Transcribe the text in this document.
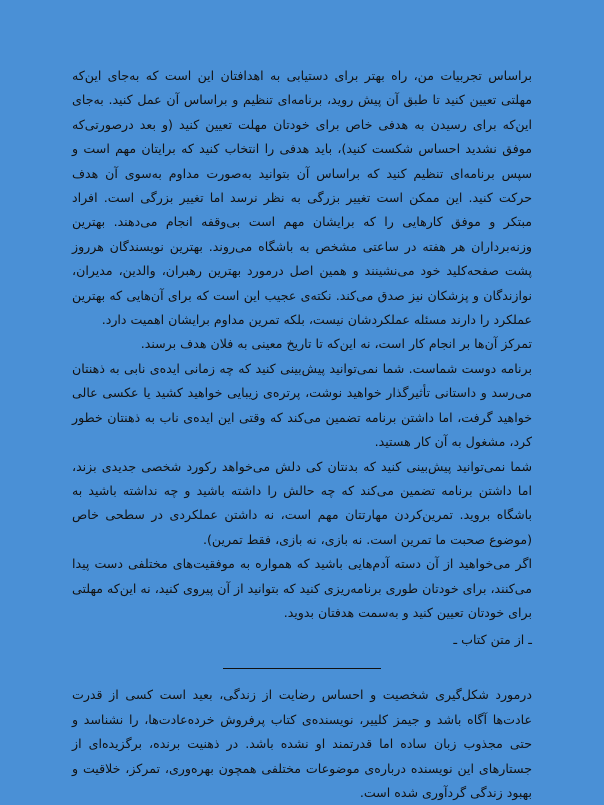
براساس تجربیات من، راه بهتر برای دستیابی به اهدافتان این است که به‌جای این‌که مهلتی تعیین کنید تا طبق آن پیش روید، برنامه‌ای تنظیم و براساس آن عمل کنید. به‌جای این‌که برای رسیدن به هدفی خاص برای خودتان مهلت تعیین کنید (و بعد درصورتی‌که موفق نشدید احساس شکست کنید)، باید هدفی را انتخاب کنید که برایتان مهم است و سپس برنامه‌ای تنظیم کنید که براساس آن بتوانید به‌صورت مداوم به‌سوی آن هدف حرکت کنید. این ممکن است تغییر بزرگی به نظر نرسد اما تغییر بزرگی است. افراد مبتکر و موفق کارهایی را که برایشان مهم است بی‌وقفه انجام می‌دهند. بهترین وزنه‌برداران هر هفته در ساعتی مشخص به باشگاه می‌روند. بهترین نویسندگان هرروز پشت صفحه‌کلید خود می‌نشینند و همین اصل درمورد بهترین رهبران، والدین، مدیران، نوازندگان و پزشکان نیز صدق می‌کند. نکته‌ی عجیب این است که برای آن‌هایی که بهترین عملکرد را دارند مسئله عملکردشان نیست، بلکه تمرین مداوم برایشان اهمیت دارد.

تمرکز آن‌ها بر انجام کار است، نه این‌که تا تاریخ معینی به فلان هدف برسند.

برنامه دوست شماست. شما نمی‌توانید پیش‌بینی کنید که چه زمانی ایده‌ی نابی به ذهنتان می‌رسد و داستانی تأثیرگذار خواهید نوشت، پرتره‌ی زیبایی خواهید کشید یا عکسی عالی خواهید گرفت، اما داشتن برنامه تضمین می‌کند که وقتی این ایده‌ی ناب به ذهنتان خطور کرد، مشغول به آن کار هستید.

شما نمی‌توانید پیش‌بینی کنید که بدنتان کی دلش می‌خواهد رکورد شخصی جدیدی بزند، اما داشتن برنامه تضمین می‌کند که چه حالش را داشته باشید و چه نداشته باشید به باشگاه بروید. تمرین‌کردن مهارتتان مهم است، نه داشتن عملکردی در سطحی خاص (موضوع صحبت ما تمرین است. نه بازی، نه بازی، فقط تمرین).

اگر می‌خواهید از آن دسته آدم‌هایی باشید که همواره به موفقیت‌های مختلفی دست پیدا می‌کنند، برای خودتان طوری برنامه‌ریزی کنید که بتوانید از آن پیروی کنید، نه این‌که مهلتی برای خودتان تعیین کنید و به‌سمت هدفتان بدوید.

ـ از متن کتاب ـ

درمورد شکل‌گیری شخصیت و احساس رضایت از زندگی، بعید است کسی از قدرت عادت‌ها آگاه باشد و جیمز کلییر، نویسنده‌ی کتاب پرفروش خرده‌عادت‌ها، را نشناسد و حتی مجذوب زبان ساده اما قدرتمند او نشده باشد. در ذهنیت برنده، برگزیده‌ای از جستارهای این نویسنده درباره‌ی موضوعات مختلفی همچون بهره‌وری، تمرکز، خلاقیت و بهبود زندگی گردآوری شده است.
